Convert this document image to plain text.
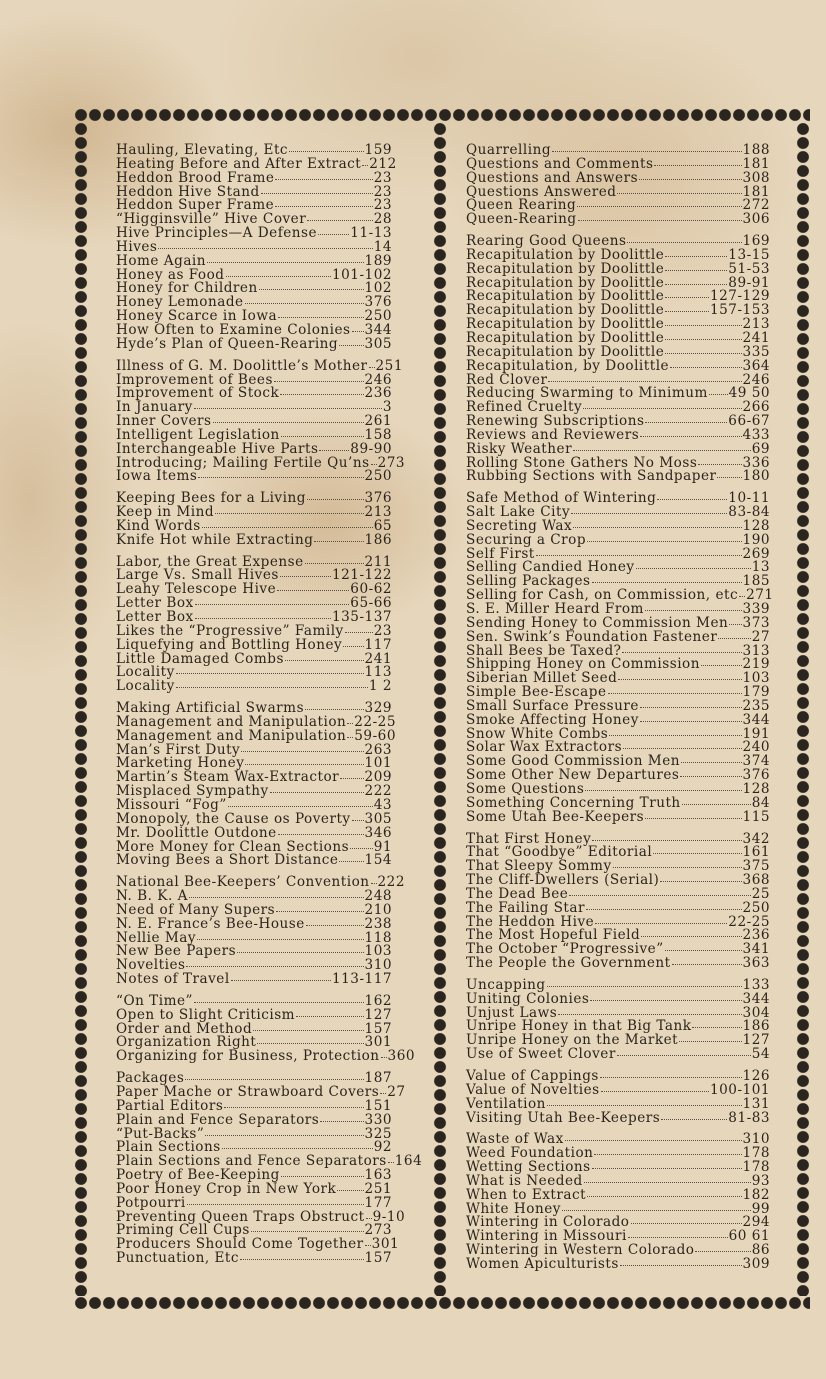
Hauling, Elevating, Etc	159
Heating Before and After Extract 212
Heddon Brood Frame	23
Heddon Hive Stand	23
Heddon Super Frame	23
“Higginsville” Hive Cover	28
Hive Principles—A Defense 11-13
Hives	14
Home Again	189
Honey as Food	101-102
Honey for Children	102
Honey Lemonade	376
Honey Scarce in Iowa	250
How Often to Examine Colonies 344
Hyde’s Plan of Queen-Rearing 305
Illness of G. M. Doolittle’s Mother 251
Improvement of Bees	246
Improvement of Stock	236
In January	3
Inner Covers	261
Intelligent Legislation	158
Interchangeable Hive Parts 89-90
Introducing; Mailing Fertile Qu’ns 273
Iowa Items	250
Keeping Bees for a Living	376
Keep in Mind	213
Kind Words	65
Knife Hot while Extracting	186
Labor, the Great Expense	211
Large Vs. Small Hives	121-122
Leahy Telescope Hive	60-62
Letter Box	65-66
Letter Box	135-137
Likes the “Progressive” Family 23
Liquefying and Bottling Honey 117
Little Damaged Combs	241
Locality	113
Locality	1 2
Making Artificial Swarms	329
Management and Manipulation 22-25
Management and Manipulation 59-60
Man’s First Duty	263
Marketing Honey	101
Martin’s Steam Wax-Extractor 209
Misplaced Sympathy	222
Missouri “Fog”	43
Monopoly, the Cause os Poverty 305
Mr. Doolittle Outdone	346
More Money for Clean Sections 91
Moving Bees a Short Distance 154
National Bee-Keepers’ Convention 222
N. B. K. A	248
Need of Many Supers	210
N. E. France’s Bee-House	238
Nellie May	118
New Bee Papers	103
Novelties	310
Notes of Travel	113-117
“On Time”	162
Open to Slight Criticism	127
Order and Method	157
Organization Right	301
Organizing for Business, Protection 360
Packages	187
Paper Mache or Strawboard Covers 27
Partial Editors	151
Plain and Fence Separators	330
“Put-Backs”	325
Plain Sections	92
Plain Sections and Fence Separators 164
Poetry of Bee-Keeping	163
Poor Honey Crop in New York 251
Potpourri	177
Preventing Queen Traps Obstruct 9-10
Priming Cell Cups	273
Producers Should Come Together 301
Punctuation, Etc	157
Quarrelling	188
Questions and Comments	181
Questions and Answers	308
Questions Answered	181
Queen Rearing	272
Queen-Rearing	306
Rearing Good Queens	169
Recapitulation by Doolittle	13-15
Recapitulation by Doolittle	51-53
Recapitulation by Doolittle	89-91
Recapitulation by Doolittle	127-129
Recapitulation by Doolittle	157-153
Recapitulation by Doolittle	213
Recapitulation by Doolittle	241
Recapitulation by Doolittle	335
Recapitulation, by Doolittle	364
Red Clover	246
Reducing Swarming to Minimum 49 50
Refined Cruelty	266
Renewing Subscriptions	66-67
Reviews and Reviewers	433
Risky Weather	69
Rolling Stone Gathers No Moss	336
Rubbing Sections with Sandpaper 180
Safe Method of Wintering	10-11
Salt Lake City	83-84
Secreting Wax	128
Securing a Crop	190
Self First	269
Selling Candied Honey	13
Selling Packages	185
Selling for Cash, on Commission, etc 271
S. E. Miller Heard From	339
Sending Honey to Commission Men 373
Sen. Swink’s Foundation Fastener	27
Shall Bees be Taxed?	313
Shipping Honey on Commission	219
Siberian Millet Seed	103
Simple Bee-Escape	179
Small Surface Pressure	235
Smoke Affecting Honey	344
Snow White Combs	191
Solar Wax Extractors	240
Some Good Commission Men	374
Some Other New Departures	376
Some Questions	128
Something Concerning Truth	84
Some Utah Bee-Keepers	115
That First Honey	342
That “Goodbye” Editorial	161
That Sleepy Sommy	375
The Cliff-Dwellers (Serial)	368
The Dead Bee	25
The Failing Star	250
The Heddon Hive	22-25
The Most Hopeful Field	236
The October “Progressive”	341
The People the Government	363
Uncapping	133
Uniting Colonies	344
Unjust Laws	304
Unripe Honey in that Big Tank	186
Unripe Honey on the Market	127
Use of Sweet Clover	54
Value of Cappings	126
Value of Novelties	100-101
Ventilation	131
Visiting Utah Bee-Keepers	81-83
Waste of Wax	310
Weed Foundation	178
Wetting Sections	178
What is Needed	93
When to Extract	182
White Honey	99
Wintering in Colorado	294
Wintering in Missouri	60 61
Wintering in Western Colorado	86
Women Apiculturists	309
